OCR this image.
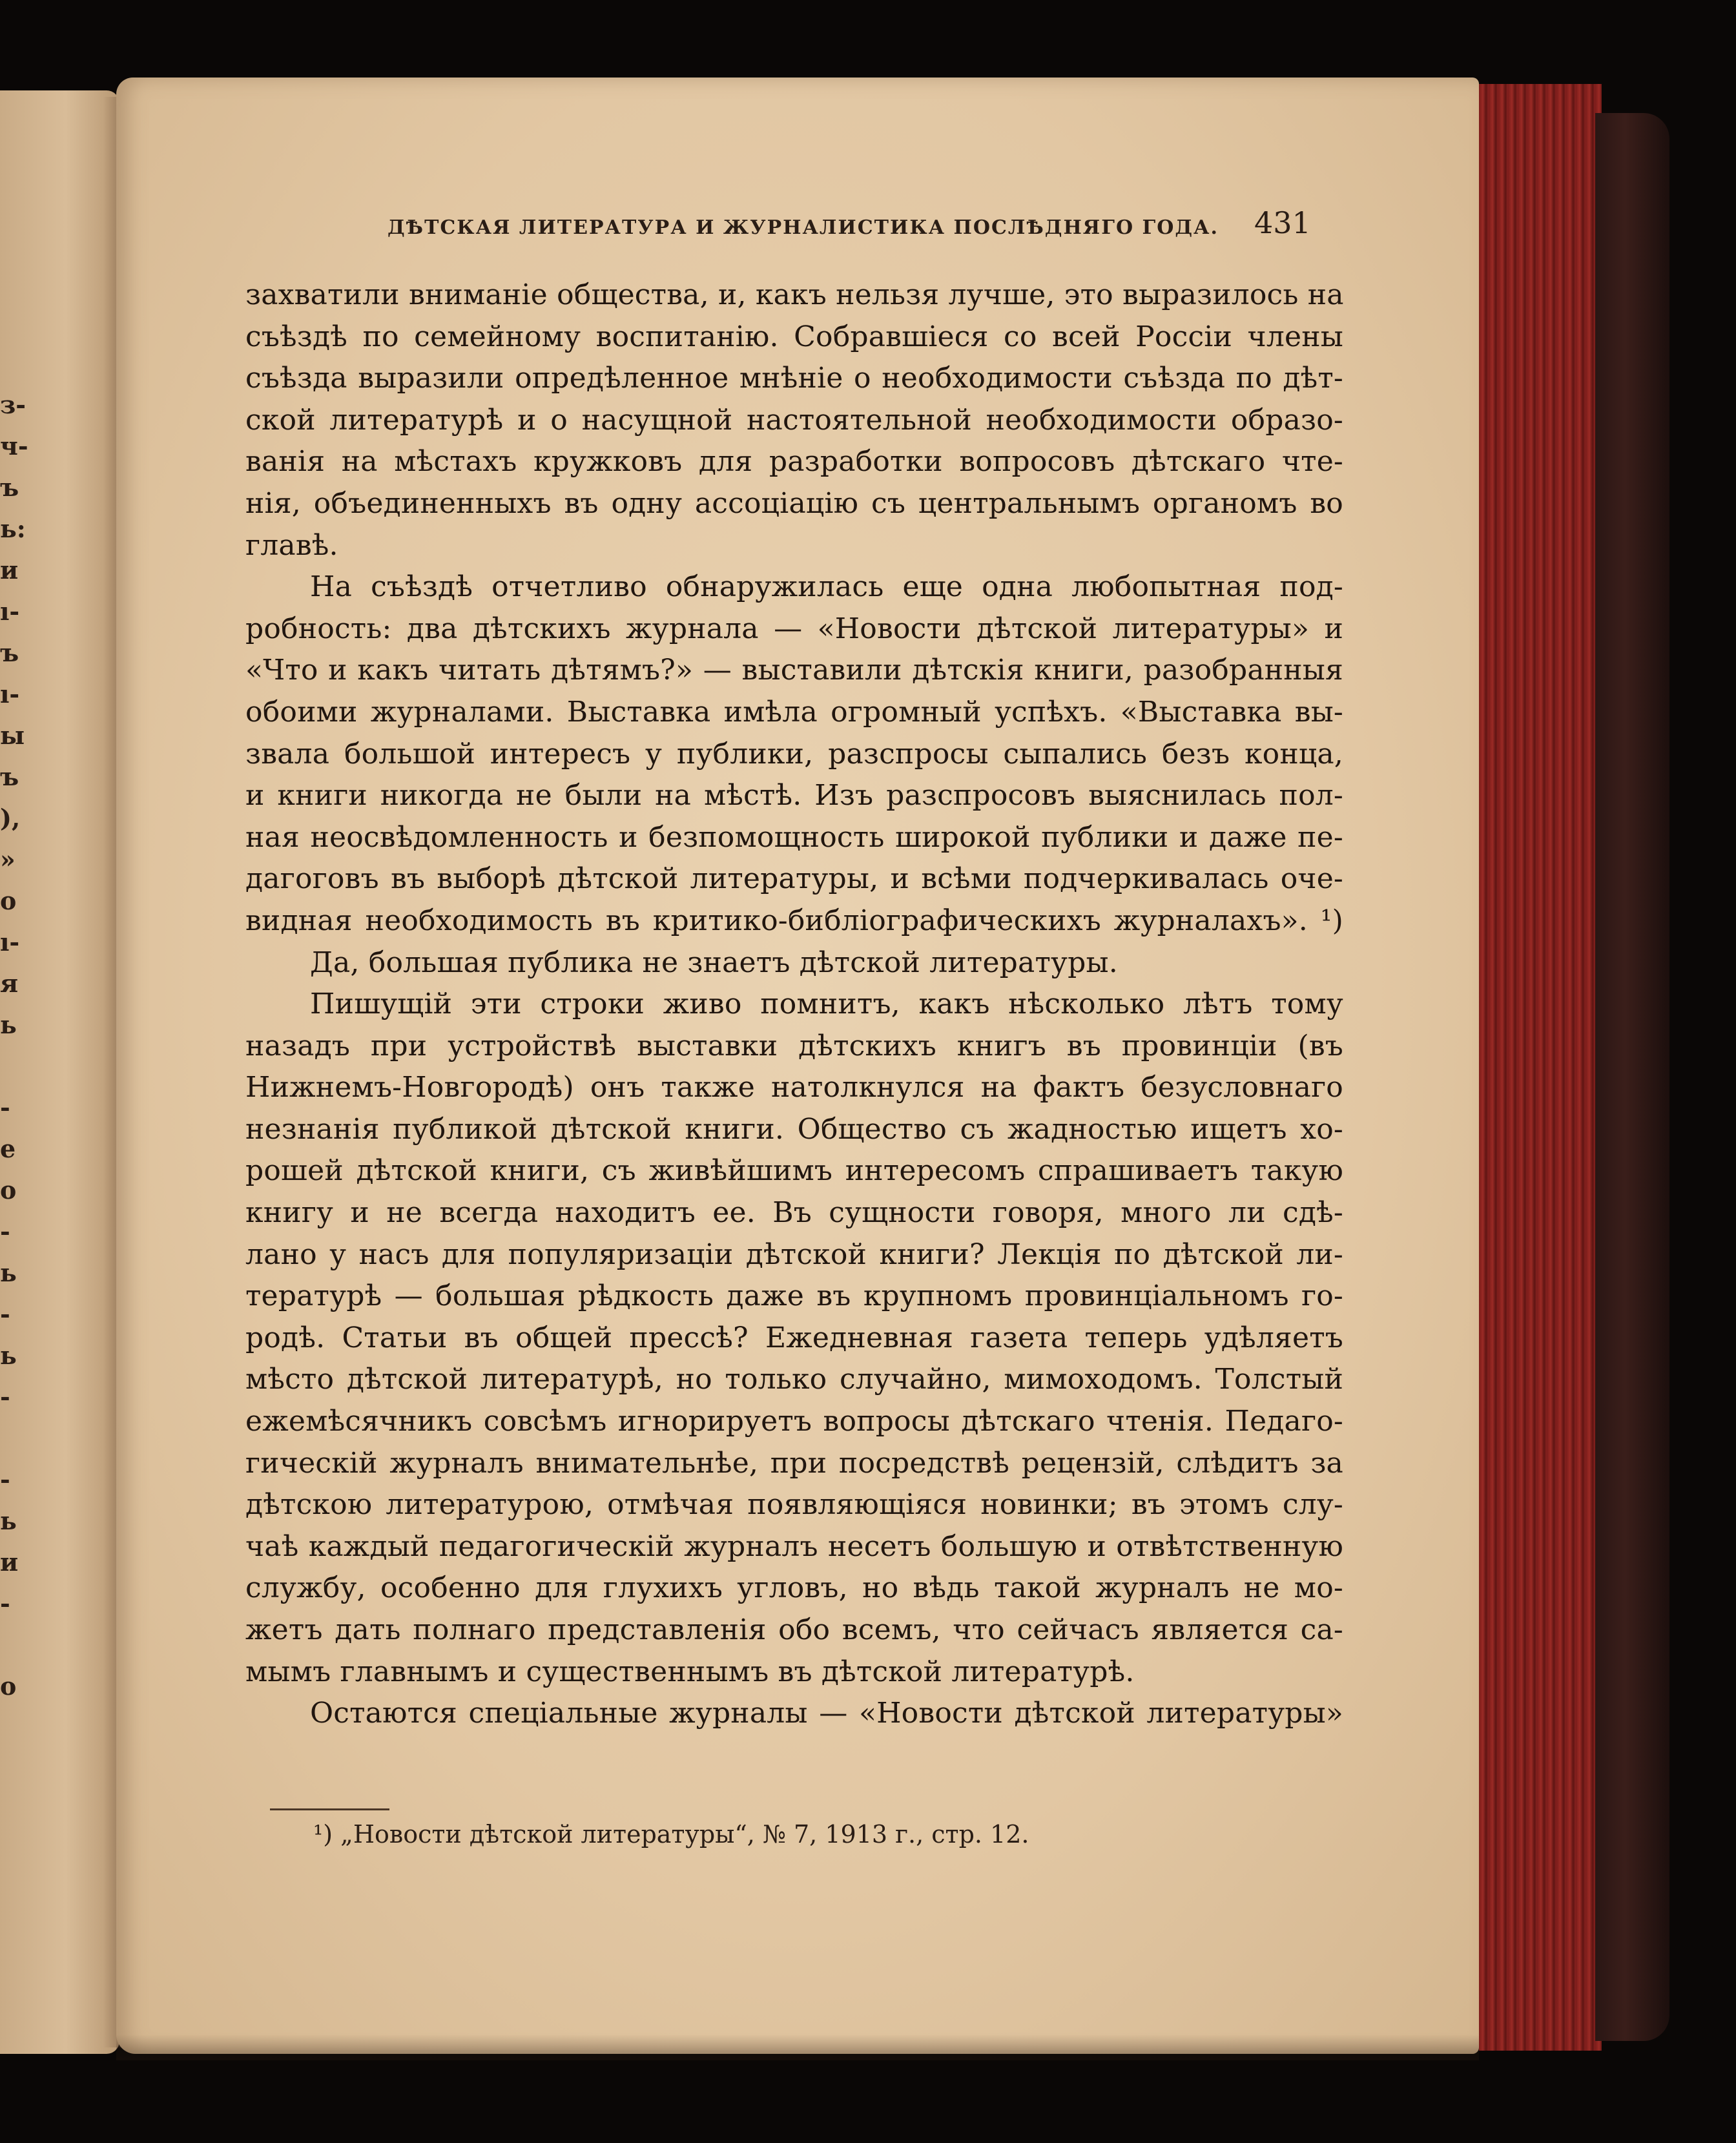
з-
ч-
ъ
ь:
и
ı-
ъ
ı-
ы
ъ
),
»
о
ı-
я
ь
-
е
о
-
ь
-
ь
-
-
ь
и
-
о
ДѢТСКАЯ ЛИТЕРАТУРА И ЖУРНАЛИСТИКА ПОСЛѢДНЯГО ГОДА. 431
захватили вниманіе общества, и, какъ нельзя лучше, это выразилось на
съѣздѣ по семейному воспитанію. Собравшіеся со всей Россіи члены
съѣзда выразили опредѣленное мнѣніе о необходимости съѣзда по дѣт-
ской литературѣ и о насущной настоятельной необходимости образо-
ванія на мѣстахъ кружковъ для разработки вопросовъ дѣтскаго чте-
нія, объединенныхъ въ одну ассоціацію съ центральнымъ органомъ во
главѣ.
На съѣздѣ отчетливо обнаружилась еще одна любопытная под-
робность: два дѣтскихъ журнала — «Новости дѣтской литературы» и
«Что и какъ читать дѣтямъ?» — выставили дѣтскія книги, разобранныя
обоими журналами. Выставка имѣла огромный успѣхъ. «Выставка вы-
звала большой интересъ у публики, разспросы сыпались безъ конца,
и книги никогда не были на мѣстѣ. Изъ разспросовъ выяснилась пол-
ная неосвѣдомленность и безпомощность широкой публики и даже пе-
дагоговъ въ выборѣ дѣтской литературы, и всѣми подчеркивалась оче-
видная необходимость въ критико-библіографическихъ журналахъ». ¹)
Да, большая публика не знаетъ дѣтской литературы.
Пишущій эти строки живо помнитъ, какъ нѣсколько лѣтъ тому
назадъ при устройствѣ выставки дѣтскихъ книгъ въ провинціи (въ
Нижнемъ-Новгородѣ) онъ также натолкнулся на фактъ безусловнаго
незнанія публикой дѣтской книги. Общество съ жадностью ищетъ хо-
рошей дѣтской книги, съ живѣйшимъ интересомъ спрашиваетъ такую
книгу и не всегда находитъ ее. Въ сущности говоря, много ли сдѣ-
лано у насъ для популяризаціи дѣтской книги? Лекція по дѣтской ли-
тературѣ — большая рѣдкость даже въ крупномъ провинціальномъ го-
родѣ. Статьи въ общей прессѣ? Ежедневная газета теперь удѣляетъ
мѣсто дѣтской литературѣ, но только случайно, мимоходомъ. Толстый
ежемѣсячникъ совсѣмъ игнорируетъ вопросы дѣтскаго чтенія. Педаго-
гическій журналъ внимательнѣе, при посредствѣ рецензій, слѣдитъ за
дѣтскою литературою, отмѣчая появляющіяся новинки; въ этомъ слу-
чаѣ каждый педагогическій журналъ несетъ большую и отвѣтственную
службу, особенно для глухихъ угловъ, но вѣдь такой журналъ не мо-
жетъ дать полнаго представленія обо всемъ, что сейчасъ является са-
мымъ главнымъ и существеннымъ въ дѣтской литературѣ.
Остаются спеціальные журналы — «Новости дѣтской литературы»
¹) „Новости дѣтской литературы“, № 7, 1913 г., стр. 12.
